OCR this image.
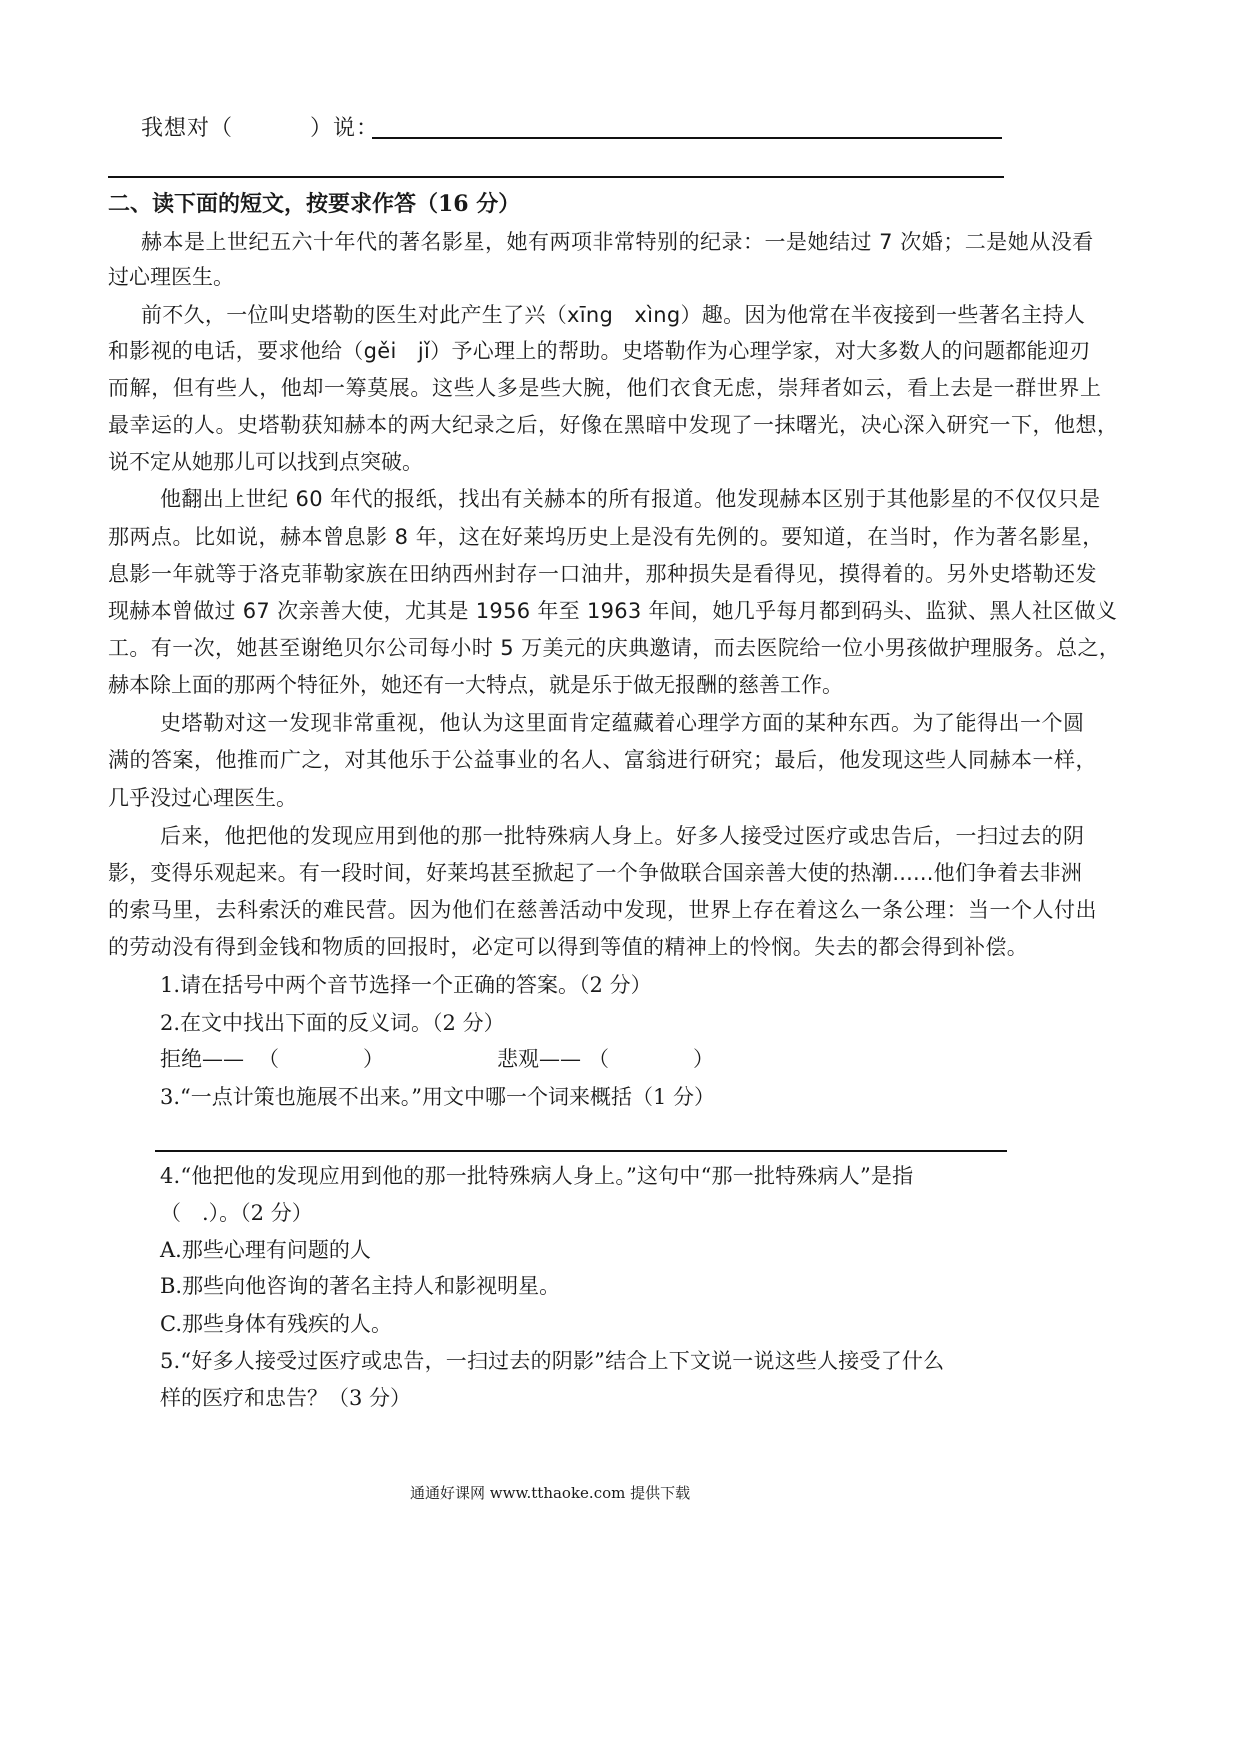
我想对（	）说：
二、读下面的短文，按要求作答（16 分）
赫本是上世纪五六十年代的著名影星，她有两项非常特别的纪录：一是她结过 7 次婚；二是她从没看
过心理医生。
前不久，一位叫史塔勒的医生对此产生了兴（xīng　xìng）趣。因为他常在半夜接到一些著名主持人
和影视的电话，要求他给（gěi　jǐ）予心理上的帮助。史塔勒作为心理学家，对大多数人的问题都能迎刃
而解，但有些人，他却一筹莫展。这些人多是些大腕，他们衣食无虑，崇拜者如云，看上去是一群世界上
最幸运的人。史塔勒获知赫本的两大纪录之后，好像在黑暗中发现了一抹曙光，决心深入研究一下，他想，
说不定从她那儿可以找到点突破。
他翻出上世纪 60 年代的报纸，找出有关赫本的所有报道。他发现赫本区别于其他影星的不仅仅只是
那两点。比如说，赫本曾息影 8 年，这在好莱坞历史上是没有先例的。要知道，在当时，作为著名影星，
息影一年就等于洛克菲勒家族在田纳西州封存一口油井，那种损失是看得见，摸得着的。另外史塔勒还发
现赫本曾做过 67 次亲善大使，尤其是 1956 年至 1963 年间，她几乎每月都到码头、监狱、黑人社区做义
工。有一次，她甚至谢绝贝尔公司每小时 5 万美元的庆典邀请，而去医院给一位小男孩做护理服务。总之，
赫本除上面的那两个特征外，她还有一大特点，就是乐于做无报酬的慈善工作。
史塔勒对这一发现非常重视，他认为这里面肯定蕴藏着心理学方面的某种东西。为了能得出一个圆
满的答案，他推而广之，对其他乐于公益事业的名人、富翁进行研究；最后，他发现这些人同赫本一样，
几乎没过心理医生。
后来，他把他的发现应用到他的那一批特殊病人身上。好多人接受过医疗或忠告后，一扫过去的阴
影，变得乐观起来。有一段时间，好莱坞甚至掀起了一个争做联合国亲善大使的热潮......他们争着去非洲
的索马里，去科索沃的难民营。因为他们在慈善活动中发现，世界上存在着这么一条公理：当一个人付出
的劳动没有得到金钱和物质的回报时，必定可以得到等值的精神上的怜悯。失去的都会得到补偿。
1.请在括号中两个音节选择一个正确的答案。（2 分）
2.在文中找出下面的反义词。（2 分）
拒绝—— （　　　　）	悲观—— （　　　　）
3.“一点计策也施展不出来。”用文中哪一个词来概括（1 分）
4.“他把他的发现应用到他的那一批特殊病人身上。”这句中“那一批特殊病人”是指
（　.）。（2 分）
A.那些心理有问题的人
B.那些向他咨询的著名主持人和影视明星。
C.那些身体有残疾的人。
5.“好多人接受过医疗或忠告，一扫过去的阴影”结合上下文说一说这些人接受了什么
样的医疗和忠告？（3 分）
通通好课网 www.tthaoke.com 提供下载
